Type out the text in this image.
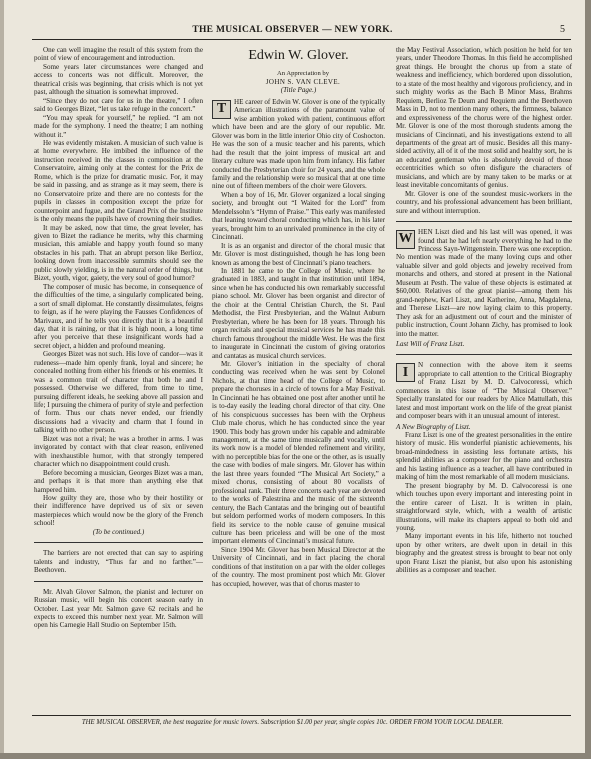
THE MUSICAL OBSERVER — NEW YORK.	5

One can well imagine the result of this system from the point of view of encouragement and introduction.

Some years later circumstances were changed and access to concerts was not difficult. Moreover, the theatrical crisis was beginning, that crisis which is not yet past, although the situation is somewhat improved.

“Since they do not care for us in the theatre,” I often said to Georges Bizet, “let us take refuge in the concert.”

“You may speak for yourself,” he replied. “I am not made for the symphony. I need the theatre; I am nothing without it.”

He was evidently mistaken. A musician of such value is at home everywhere. He imbibed the influence of the instruction received in the classes in composition at the Conservatoire, aiming only at the contest for the Prix de Rome, which is the prize for dramatic music. For, it may be said in passing, and as strange as it may seem, there is no Conservatoire prize and there are no contests for the pupils in classes in composition except the prize for counterpoint and fugue, and the Grand Prix of the Institute is the only means the pupils have of crowning their studies.

It may be asked, now that time, the great leveler, has given to Bizet the radiance he merits, why this charming musician, this amiable and happy youth found so many obstacles in his path. That an abrupt person like Berlioz, looking down from inaccessible summits should see the public slowly yielding, is in the natural order of things, but Bizet, youth, vigor, gaiety, the very soul of good humor?

The composer of music has become, in consequence of the difficulties of the time, a singularly complicated being, a sort of small diplomat. He constantly dissimulates, feigns to feign, as if he were playing the Fausses Confidences of Marivaux, and if he tells you directly that it is a beautiful day, that it is raining, or that it is high noon, a long time after you perceive that these insignificant words had a secret object, a hidden and profound meaning.

Georges Bizet was not such. His love of candor—was it rudeness—made him openly frank, loyal and sincere; he concealed nothing from either his friends or his enemies. It was a common trait of character that both he and I possessed. Otherwise we differed, from time to time, pursuing different ideals, he seeking above all passion and life; I pursuing the chimera of purity of style and perfection of form. Thus our chats never ended, our friendly discussions had a vivacity and charm that I found in talking with no other person.

Bizet was not a rival; he was a brother in arms. I was invigorated by contact with that clear reason, enlivened with inexhaustible humor, with that strongly tempered character which no disappointment could crush.

Before becoming a musician, Georges Bizet was a man, and perhaps it is that more than anything else that hampered him.

How guilty they are, those who by their hostility or their indifference have deprived us of six or seven masterpieces which would now be the glory of the French school!

(To be continued.)

The barriers are not erected that can say to aspiring talents and industry, “Thus far and no farther.”—Beethoven.

Mr. Alvah Glover Salmon, the pianist and lecturer on Russian music, will begin his concert season early in October. Last year Mr. Salmon gave 62 recitals and he expects to exceed this number next year. Mr. Salmon will open his Carnegie Hall Studio on September 15th.

Edwin W. Glover.

An Appreciation by

JOHN S. VAN CLEVE.

(Title Page.)

T	HE career of Edwin W. Glover is one of the typically American illustrations of the paramount value of wise ambition yoked with patient, continuous effort which have been and are the glory of our republic. Mr. Glover was born in the little interior Ohio city of Coshocton. He was the son of a music teacher and his parents, which had the result that the joint impress of musical art and literary culture was made upon him from infancy. His father conducted the Presbyterian choir for 24 years, and the whole family and the relationship were so musical that at one time nine out of fifteen members of the choir were Glovers.

When a boy of 16, Mr. Glover organized a local singing society, and brought out “I Waited for the Lord” from Mendelssohn’s “Hymn of Praise.” This early was manifested that leaning toward choral conducting which has, in his later years, brought him to an unrivaled prominence in the city of Cincinnati.

It is as an organist and director of the choral music that Mr. Glover is most distinguished, though he has long been known as among the best of Cincinnati’s piano teachers.

In 1881 he came to the College of Music, where he graduated in 1883, and taught in that institution until 1894, since when he has conducted his own remarkably successful piano school. Mr. Glover has been organist and director of the choir at the Central Christian Church, the St. Paul Methodist, the First Presbyterian, and the Walnut Auburn Presbyterian, where he has been for 18 years. Through his organ recitals and special musical services he has made this church famous throughout the middle West. He was the first to inaugurate in Cincinnati the custom of giving oratorios and cantatas as musical church services.

Mr. Glover’s initiation in the specialty of choral conducting was received when he was sent by Colonel Nichols, at that time head of the College of Music, to prepare the choruses in a circle of towns for a May Festival. In Cincinnati he has obtained one post after another until he is to-day easily the leading choral director of that city. One of his conspicuous successes has been with the Orpheus Club male chorus, which he has conducted since the year 1900. This body has grown under his capable and admirable management, at the same time musically and vocally, until its work now is a model of blended refinement and virility, with no perceptible bias for the one or the other, as is usually the case with bodies of male singers. Mr. Glover has within the last three years founded “The Musical Art Society,” a mixed chorus, consisting of about 80 vocalists of professional rank. Their three concerts each year are devoted to the works of Palestrina and the music of the sixteenth century, the Bach Cantatas and the bringing out of beautiful but seldom performed works of modern composers. In this field its service to the noble cause of genuine musical culture has been priceless and will be one of the most important elements of Cincinnati’s musical future.

Since 1904 Mr. Glover has been Musical Director at the University of Cincinnati, and in fact placing the choral conditions of that institution on a par with the older colleges of the country. The most prominent post which Mr. Glover has occupied, however, was that of chorus master to

the May Festival Association, which position he held for ten years, under Theodore Thomas. In this field he accomplished great things. He brought the chorus up from a state of weakness and inefficiency, which bordered upon dissolution, to a state of the most healthy and vigorous proficiency, and in such mighty works as the Bach B Minor Mass, Brahms Requiem, Berlioz Te Deum and Requiem and the Beethoven Mass in D, not to mention many others, the firmness, balance and expressiveness of the chorus were of the highest order. Mr. Glover is one of the most thorough students among the musicians of Cincinnati, and his investigations extend to all departments of the great art of music. Besides all this many-sided activity, all of it of the most solid and healthy sort, he is an educated gentleman who is absolutely devoid of those eccentricities which so often disfigure the characters of musicians, and which are by many taken to be marks or at least inevitable concomitants of genius.

Mr. Glover is one of the soundest music-workers in the country, and his professional advancement has been brilliant, sure and without interruption.

W HEN Liszt died and his last will was opened, it was found that he had left nearly everything he had to the Princess Sayn-Wittgenstein. There was one exception. No mention was made of the many loving cups and other valuable silver and gold objects and jewelry received from monarchs and others, and stored at present in the National Museum at Pesth. The value of these objects is estimated at $60,000. Relatives of the great pianist—among them his grand-nephew, Karl Liszt, and Katherine, Anna, Magdalena, and Therese Liszt—are now laying claim to this property. They ask for an adjustment out of court and the minister of public instruction, Count Johann Zichy, has promised to look into the matter.

Last Will of Franz Liszt.

I	N connection with the above item it seems appropriate to call attention to the Critical Biography of Franz Liszt by M. D. Calvocoressi, which commences in this issue of “The Musical Observer.” Specially translated for our readers by Alice Mattullath, this latest and most important work on the life of the great pianist and composer bears with it an unusual amount of interest.

A New Biography of Liszt.

Franz Liszt is one of the greatest personalities in the entire history of music. His wonderful pianistic achievements, his broad-mindedness in assisting less fortunate artists, his splendid abilities as a composer for the piano and orchestra and his lasting influence as a teacher, all have contributed in making of him the most remarkable of all modern musicians.

The present biography by M. D. Calvocoressi is one which touches upon every important and interesting point in the entire career of Liszt. It is written in plain, straightforward style, which, with a wealth of artistic illustrations, will make its chapters appeal to both old and young.

Many important events in his life, hitherto not touched upon by other writers, are dwelt upon in detail in this biography and the greatest stress is brought to bear not only upon Franz Liszt the pianist, but also upon his astonishing abilities as a composer and teacher.

THE MUSICAL OBSERVER, the best magazine for music lovers. Subscription $1.00 per year, single copies 10c. ORDER FROM YOUR LOCAL DEALER.
